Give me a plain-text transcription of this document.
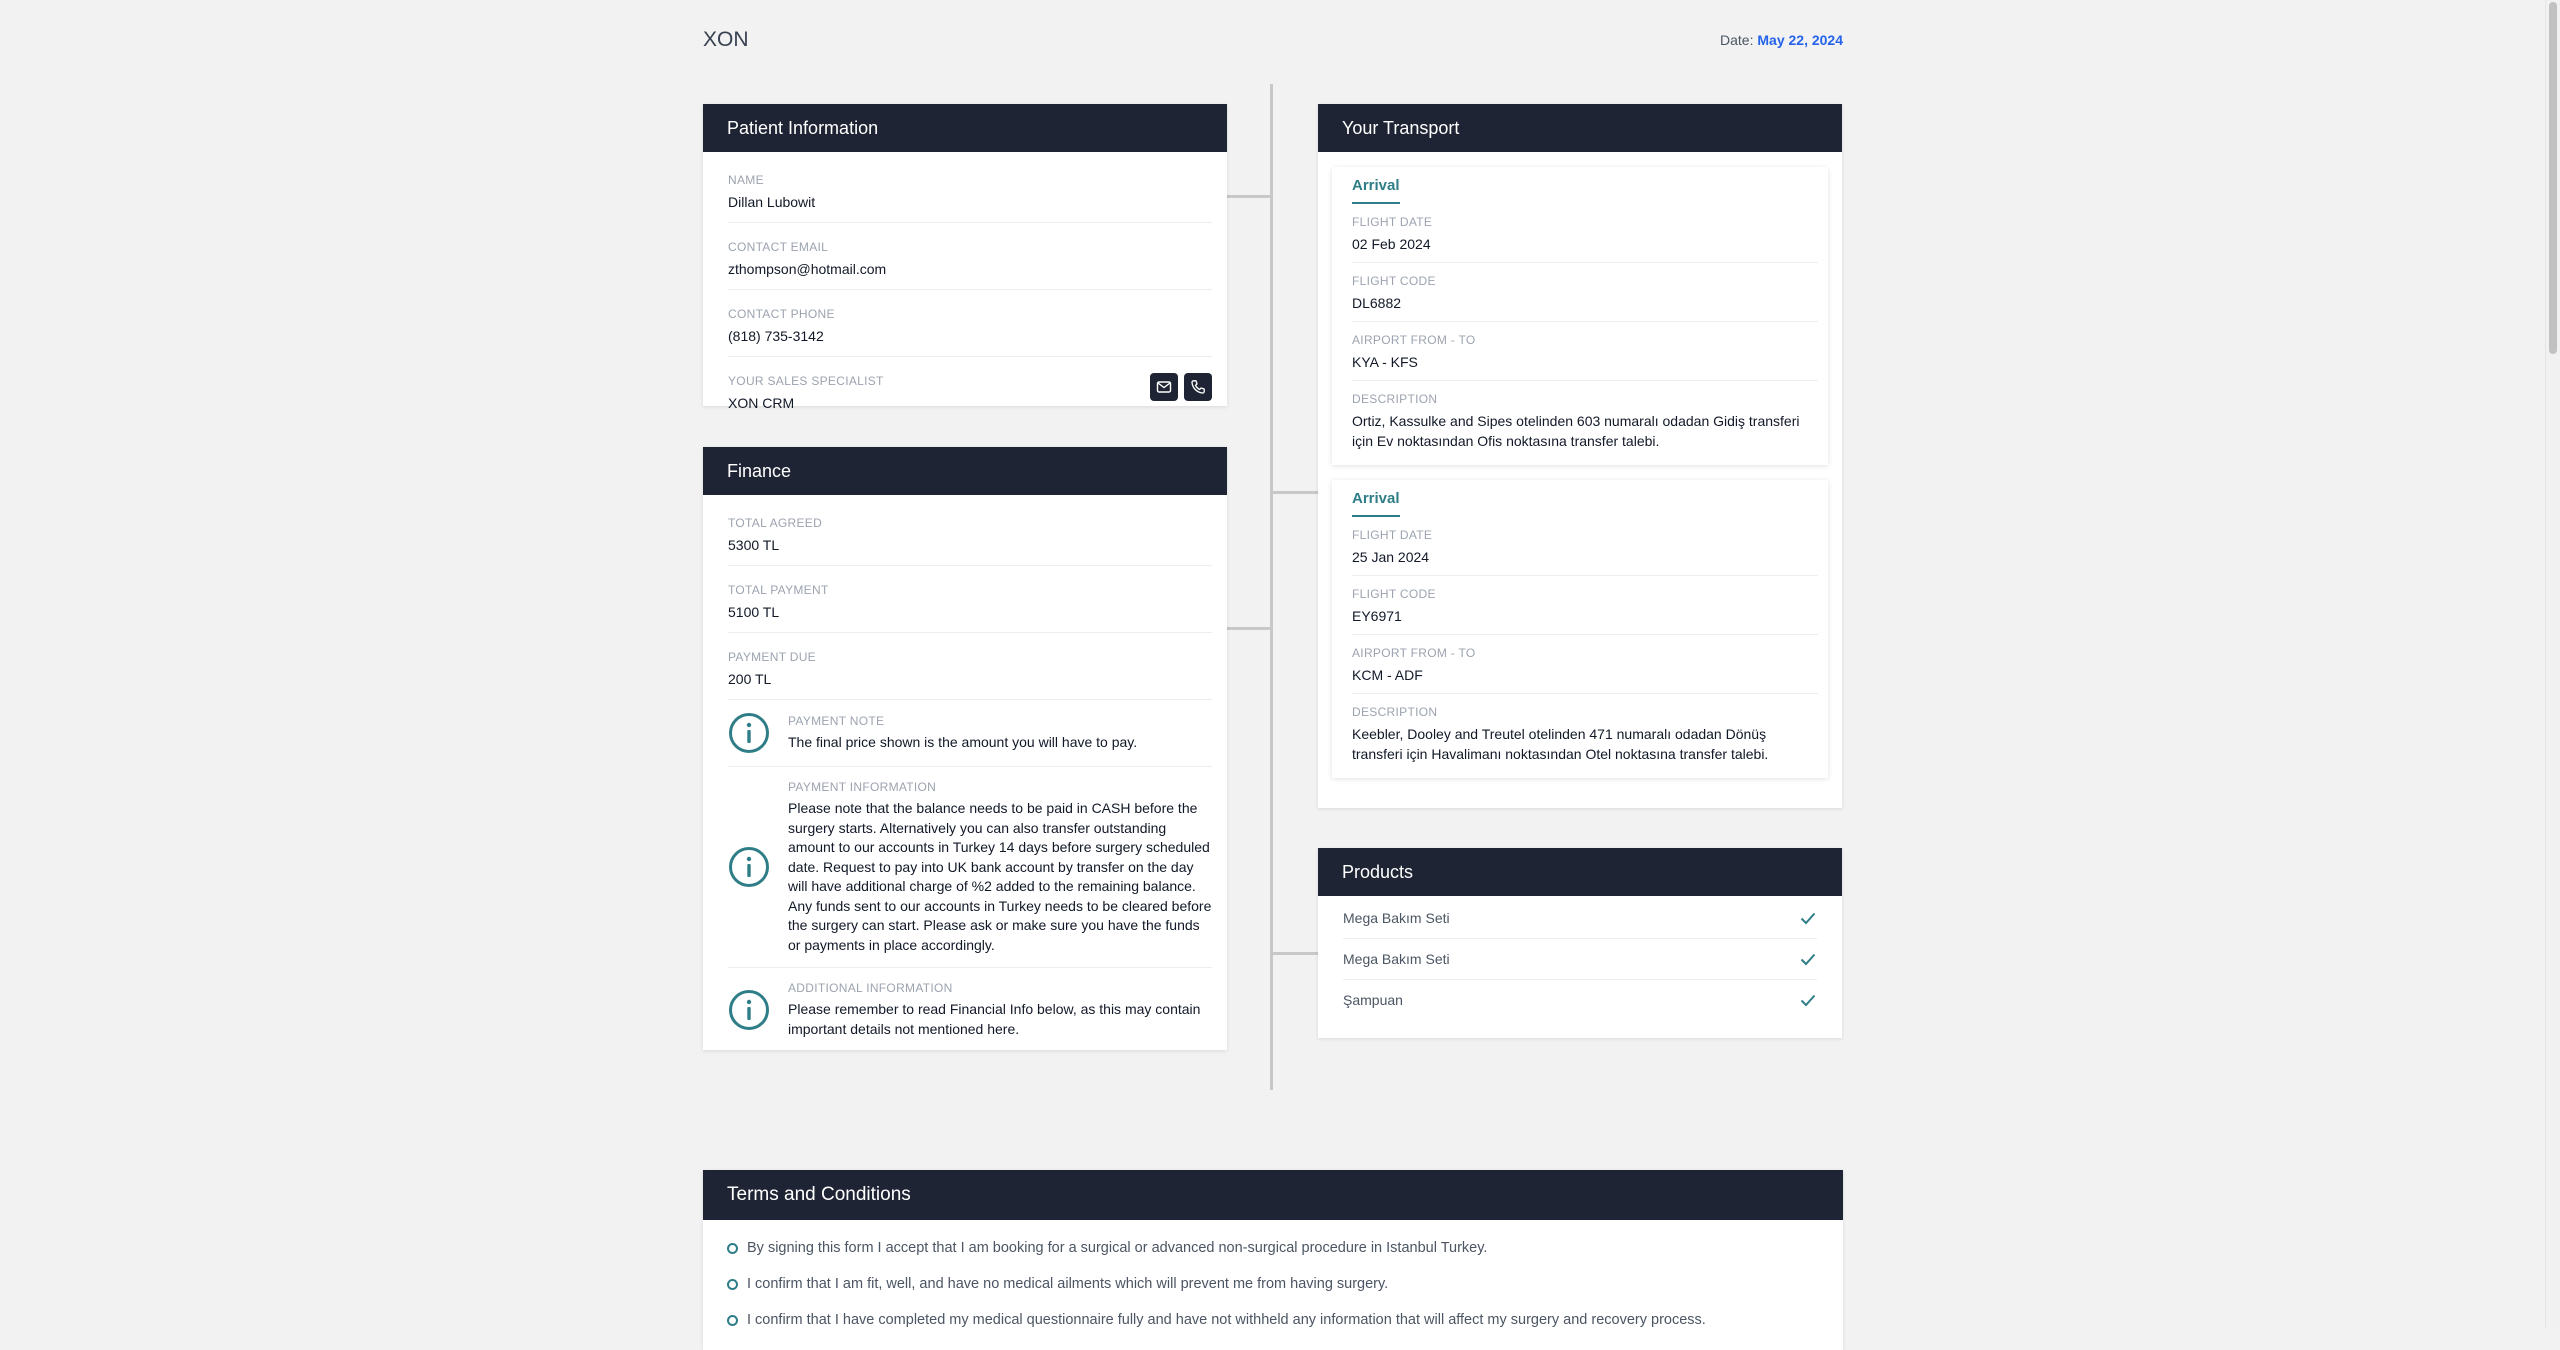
XON	Date: May 22, 2024
Patient Information
NAME
Dillan Lubowit
CONTACT EMAIL
zthompson@hotmail.com
CONTACT PHONE
(818) 735-3142
YOUR SALES SPECIALIST
XON CRM
Finance
TOTAL AGREED
5300 TL
TOTAL PAYMENT
5100 TL
PAYMENT DUE
200 TL
PAYMENT NOTE
The final price shown is the amount you will have to pay.
PAYMENT INFORMATION
Please note that the balance needs to be paid in CASH before the surgery starts. Alternatively you can also transfer outstanding amount to our accounts in Turkey 14 days before surgery scheduled date. Request to pay into UK bank account by transfer on the day will have additional charge of %2 added to the remaining balance. Any funds sent to our accounts in Turkey needs to be cleared before the surgery can start. Please ask or make sure you have the funds or payments in place accordingly.
ADDITIONAL INFORMATION
Please remember to read Financial Info below, as this may contain important details not mentioned here.
Your Transport
Arrival
FLIGHT DATE
02 Feb 2024
FLIGHT CODE
DL6882
AIRPORT FROM - TO
KYA - KFS
DESCRIPTION
Ortiz, Kassulke and Sipes otelinden 603 numaralı odadan Gidiş transferi için Ev noktasından Ofis noktasına transfer talebi.
Arrival
FLIGHT DATE
25 Jan 2024
FLIGHT CODE
EY6971
AIRPORT FROM - TO
KCM - ADF
DESCRIPTION
Keebler, Dooley and Treutel otelinden 471 numaralı odadan Dönüş transferi için Havalimanı noktasından Otel noktasına transfer talebi.
Products
Mega Bakım Seti
Mega Bakım Seti
Şampuan
Terms and Conditions
By signing this form I accept that I am booking for a surgical or advanced non-surgical procedure in Istanbul Turkey.
I confirm that I am fit, well, and have no medical ailments which will prevent me from having surgery.
I confirm that I have completed my medical questionnaire fully and have not withheld any information that will affect my surgery and recovery process.
